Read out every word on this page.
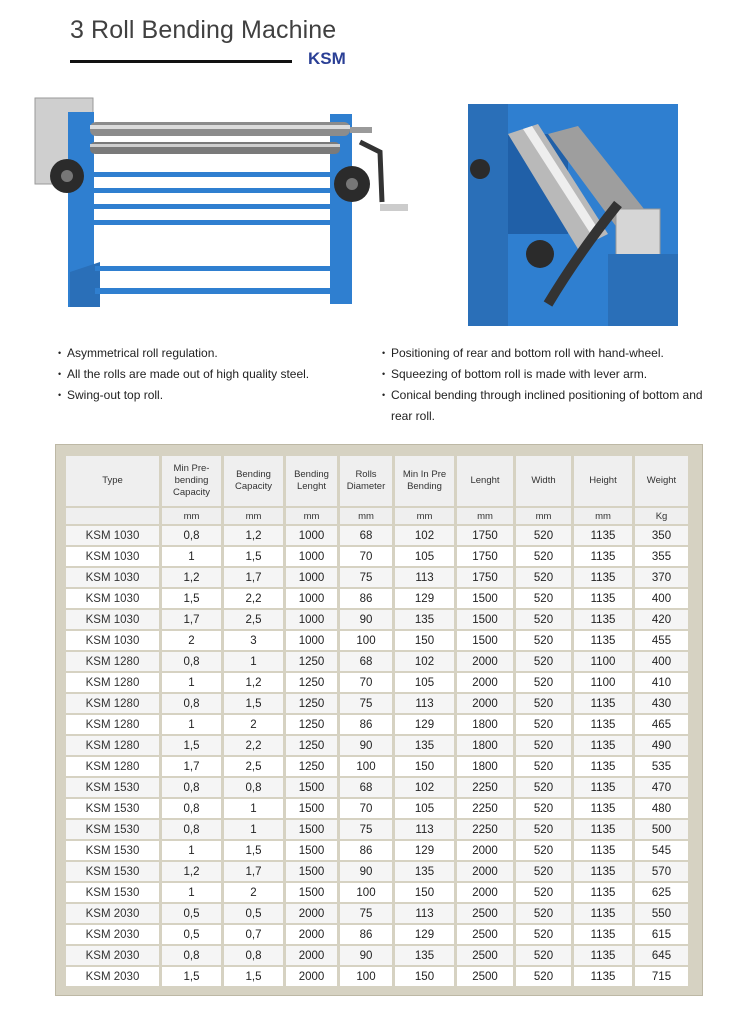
3 Roll Bending Machine
KSM
• Asymmetrical roll regulation.
• All the rolls are made out of high quality steel.
• Swing-out top roll.
• Positioning of rear and bottom roll with hand-wheel.
• Squeezing of bottom roll is made with lever arm.
• Conical bending through inclined positioning of bottom and rear roll.
Type	Min Pre-bending Capacity	Bending Capacity	Bending Lenght	Rolls Diameter	Min In Pre Bending	Lenght	Width	Height	Weight
	mm	mm	mm	mm	mm	mm	mm	mm	Kg
KSM 1030	0,8	1,2	1000	68	102	1750	520	1135	350
KSM 1030	1	1,5	1000	70	105	1750	520	1135	355
KSM 1030	1,2	1,7	1000	75	113	1750	520	1135	370
KSM 1030	1,5	2,2	1000	86	129	1500	520	1135	400
KSM 1030	1,7	2,5	1000	90	135	1500	520	1135	420
KSM 1030	2	3	1000	100	150	1500	520	1135	455
KSM 1280	0,8	1	1250	68	102	2000	520	1100	400
KSM 1280	1	1,2	1250	70	105	2000	520	1100	410
KSM 1280	0,8	1,5	1250	75	113	2000	520	1135	430
KSM 1280	1	2	1250	86	129	1800	520	1135	465
KSM 1280	1,5	2,2	1250	90	135	1800	520	1135	490
KSM 1280	1,7	2,5	1250	100	150	1800	520	1135	535
KSM 1530	0,8	0,8	1500	68	102	2250	520	1135	470
KSM 1530	0,8	1	1500	70	105	2250	520	1135	480
KSM 1530	0,8	1	1500	75	113	2250	520	1135	500
KSM 1530	1	1,5	1500	86	129	2000	520	1135	545
KSM 1530	1,2	1,7	1500	90	135	2000	520	1135	570
KSM 1530	1	2	1500	100	150	2000	520	1135	625
KSM 2030	0,5	0,5	2000	75	113	2500	520	1135	550
KSM 2030	0,5	0,7	2000	86	129	2500	520	1135	615
KSM 2030	0,8	0,8	2000	90	135	2500	520	1135	645
KSM 2030	1,5	1,5	2000	100	150	2500	520	1135	715
